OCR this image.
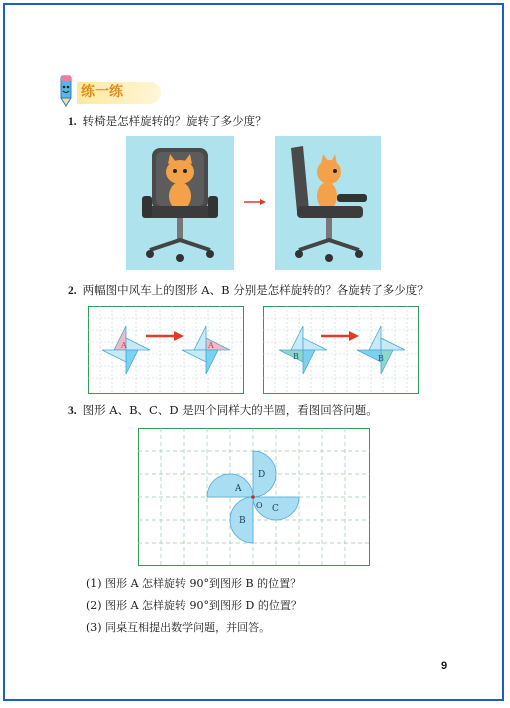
练一练
1. 转椅是怎样旋转的？旋转了多少度？
2. 两幅图中风车上的图形 A、B 分别是怎样旋转的？各旋转了多少度？
A	A
B	B
3. 图形 A、B、C、D 是四个同样大的半圆，看图回答问题。
A
B
C
D
O
(1) 图形 A 怎样旋转 90°到图形 B 的位置？
(2) 图形 A 怎样旋转 90°到图形 D 的位置？
(3) 同桌互相提出数学问题，并回答。
9
